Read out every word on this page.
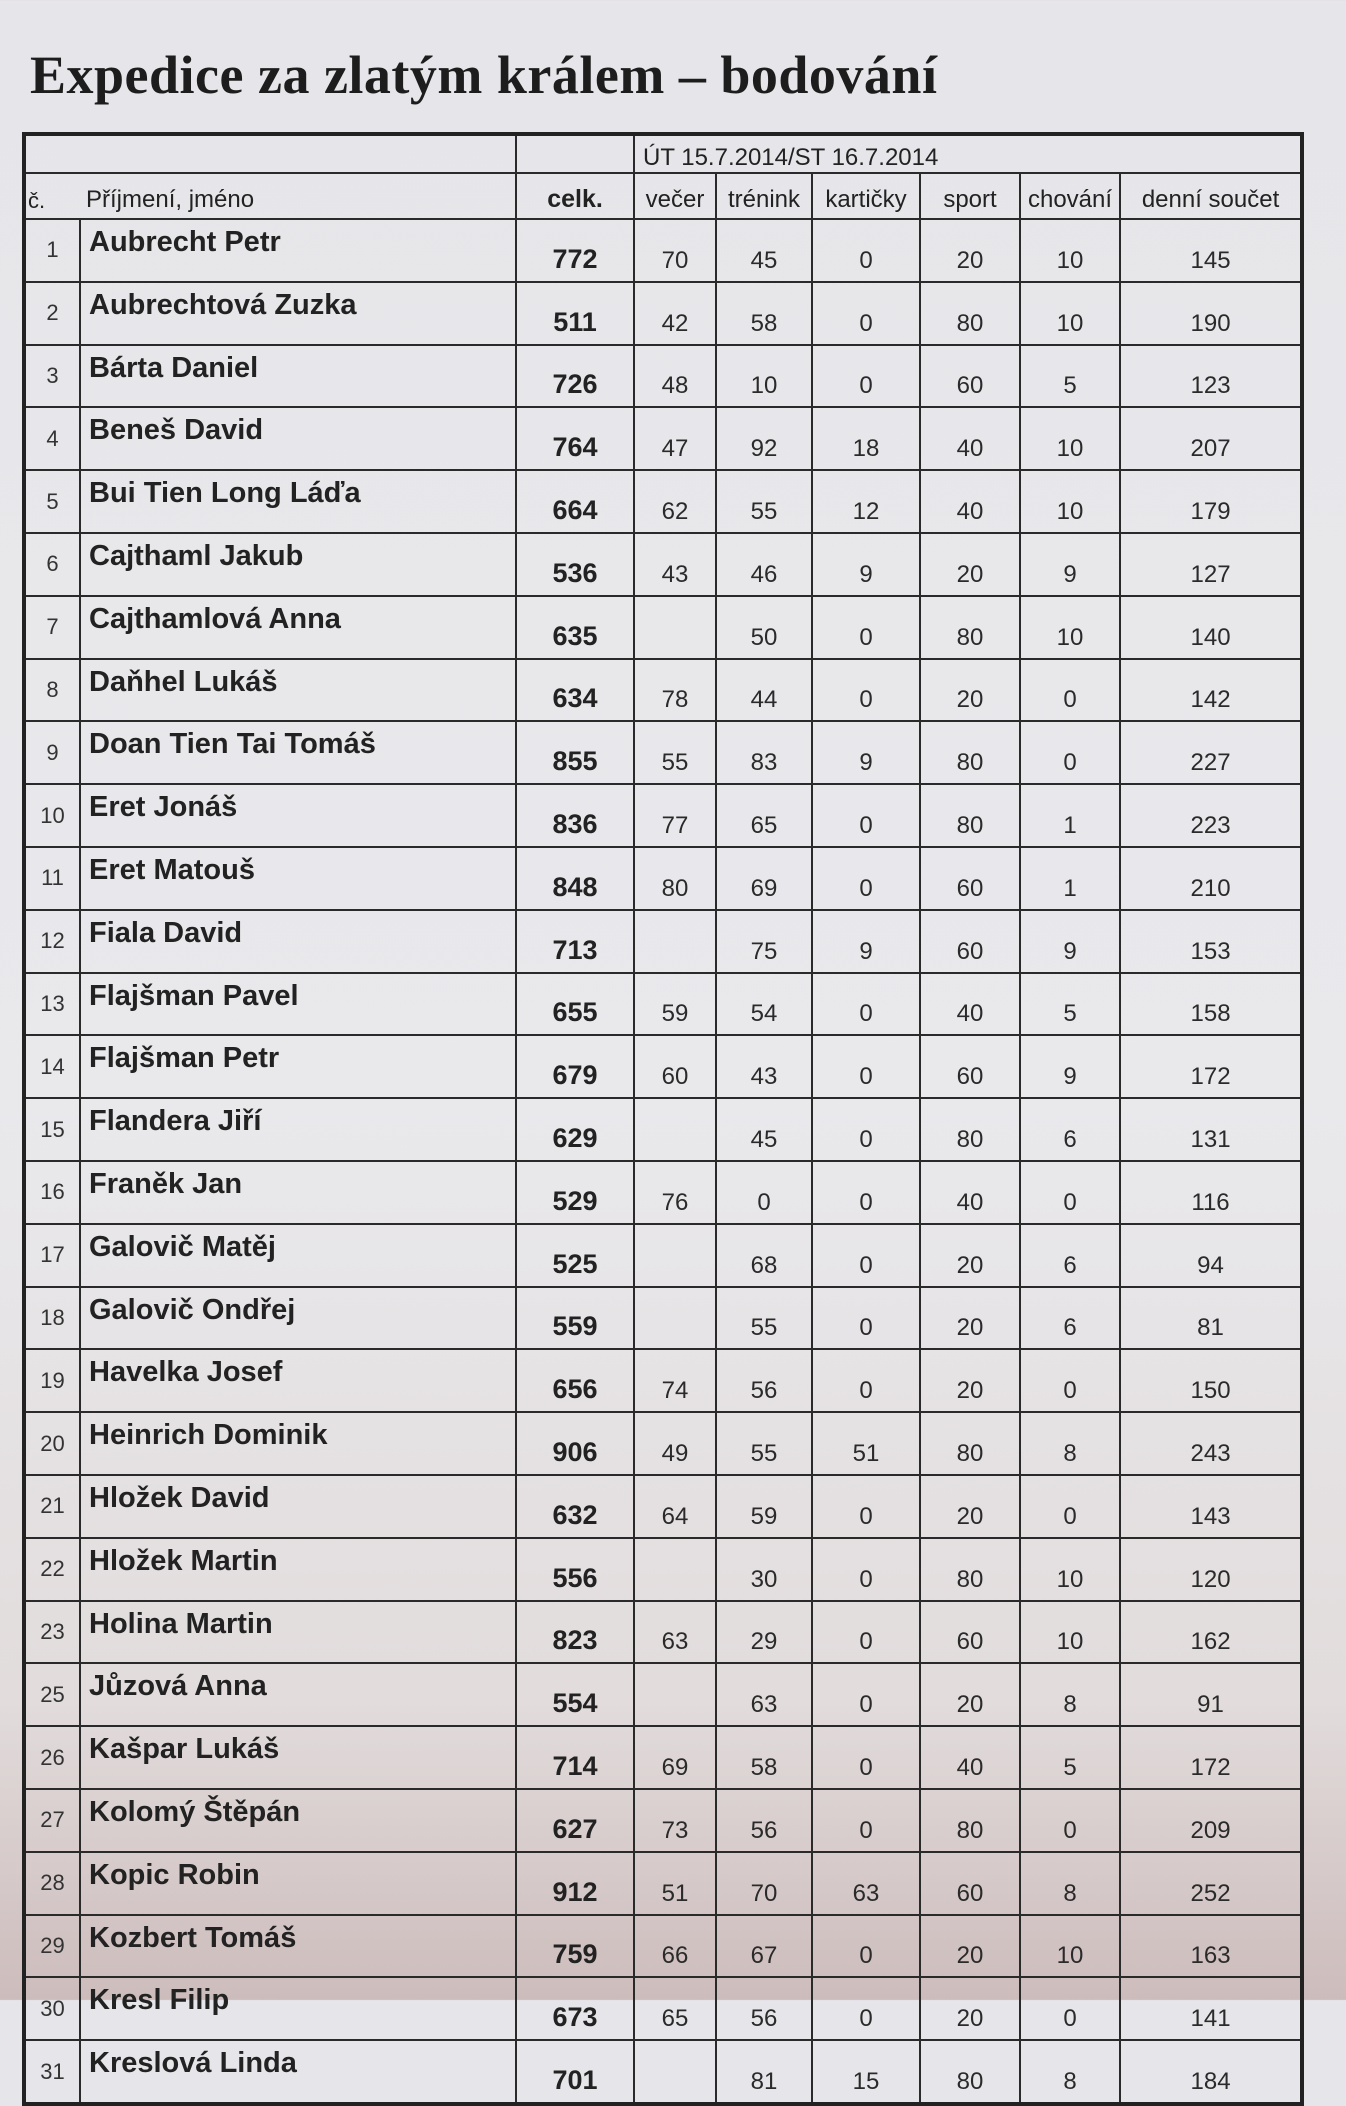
Expedice za zlatým králem – bodování
			ÚT 15.7.2014/ST 16.7.2014					
č.	Příjmení, jméno	celk.	večer	trénink	kartičky	sport	chování	denní součet
1	Aubrecht Petr	772	70	45	0	20	10	145
2	Aubrechtová Zuzka	511	42	58	0	80	10	190
3	Bárta Daniel	726	48	10	0	60	5	123
4	Beneš David	764	47	92	18	40	10	207
5	Bui Tien Long Láďa	664	62	55	12	40	10	179
6	Cajthaml Jakub	536	43	46	9	20	9	127
7	Cajthamlová Anna	635		50	0	80	10	140
8	Daňhel Lukáš	634	78	44	0	20	0	142
9	Doan Tien Tai Tomáš	855	55	83	9	80	0	227
10	Eret Jonáš	836	77	65	0	80	1	223
11	Eret Matouš	848	80	69	0	60	1	210
12	Fiala David	713		75	9	60	9	153
13	Flajšman Pavel	655	59	54	0	40	5	158
14	Flajšman Petr	679	60	43	0	60	9	172
15	Flandera Jiří	629		45	0	80	6	131
16	Franěk Jan	529	76	0	0	40	0	116
17	Galovič Matěj	525		68	0	20	6	94
18	Galovič Ondřej	559		55	0	20	6	81
19	Havelka Josef	656	74	56	0	20	0	150
20	Heinrich Dominik	906	49	55	51	80	8	243
21	Hložek David	632	64	59	0	20	0	143
22	Hložek Martin	556		30	0	80	10	120
23	Holina Martin	823	63	29	0	60	10	162
25	Jůzová Anna	554		63	0	20	8	91
26	Kašpar Lukáš	714	69	58	0	40	5	172
27	Kolomý Štěpán	627	73	56	0	80	0	209
28	Kopic Robin	912	51	70	63	60	8	252
29	Kozbert Tomáš	759	66	67	0	20	10	163
30	Kresl Filip	673	65	56	0	20	0	141
31	Kreslová Linda	701		81	15	80	8	184
